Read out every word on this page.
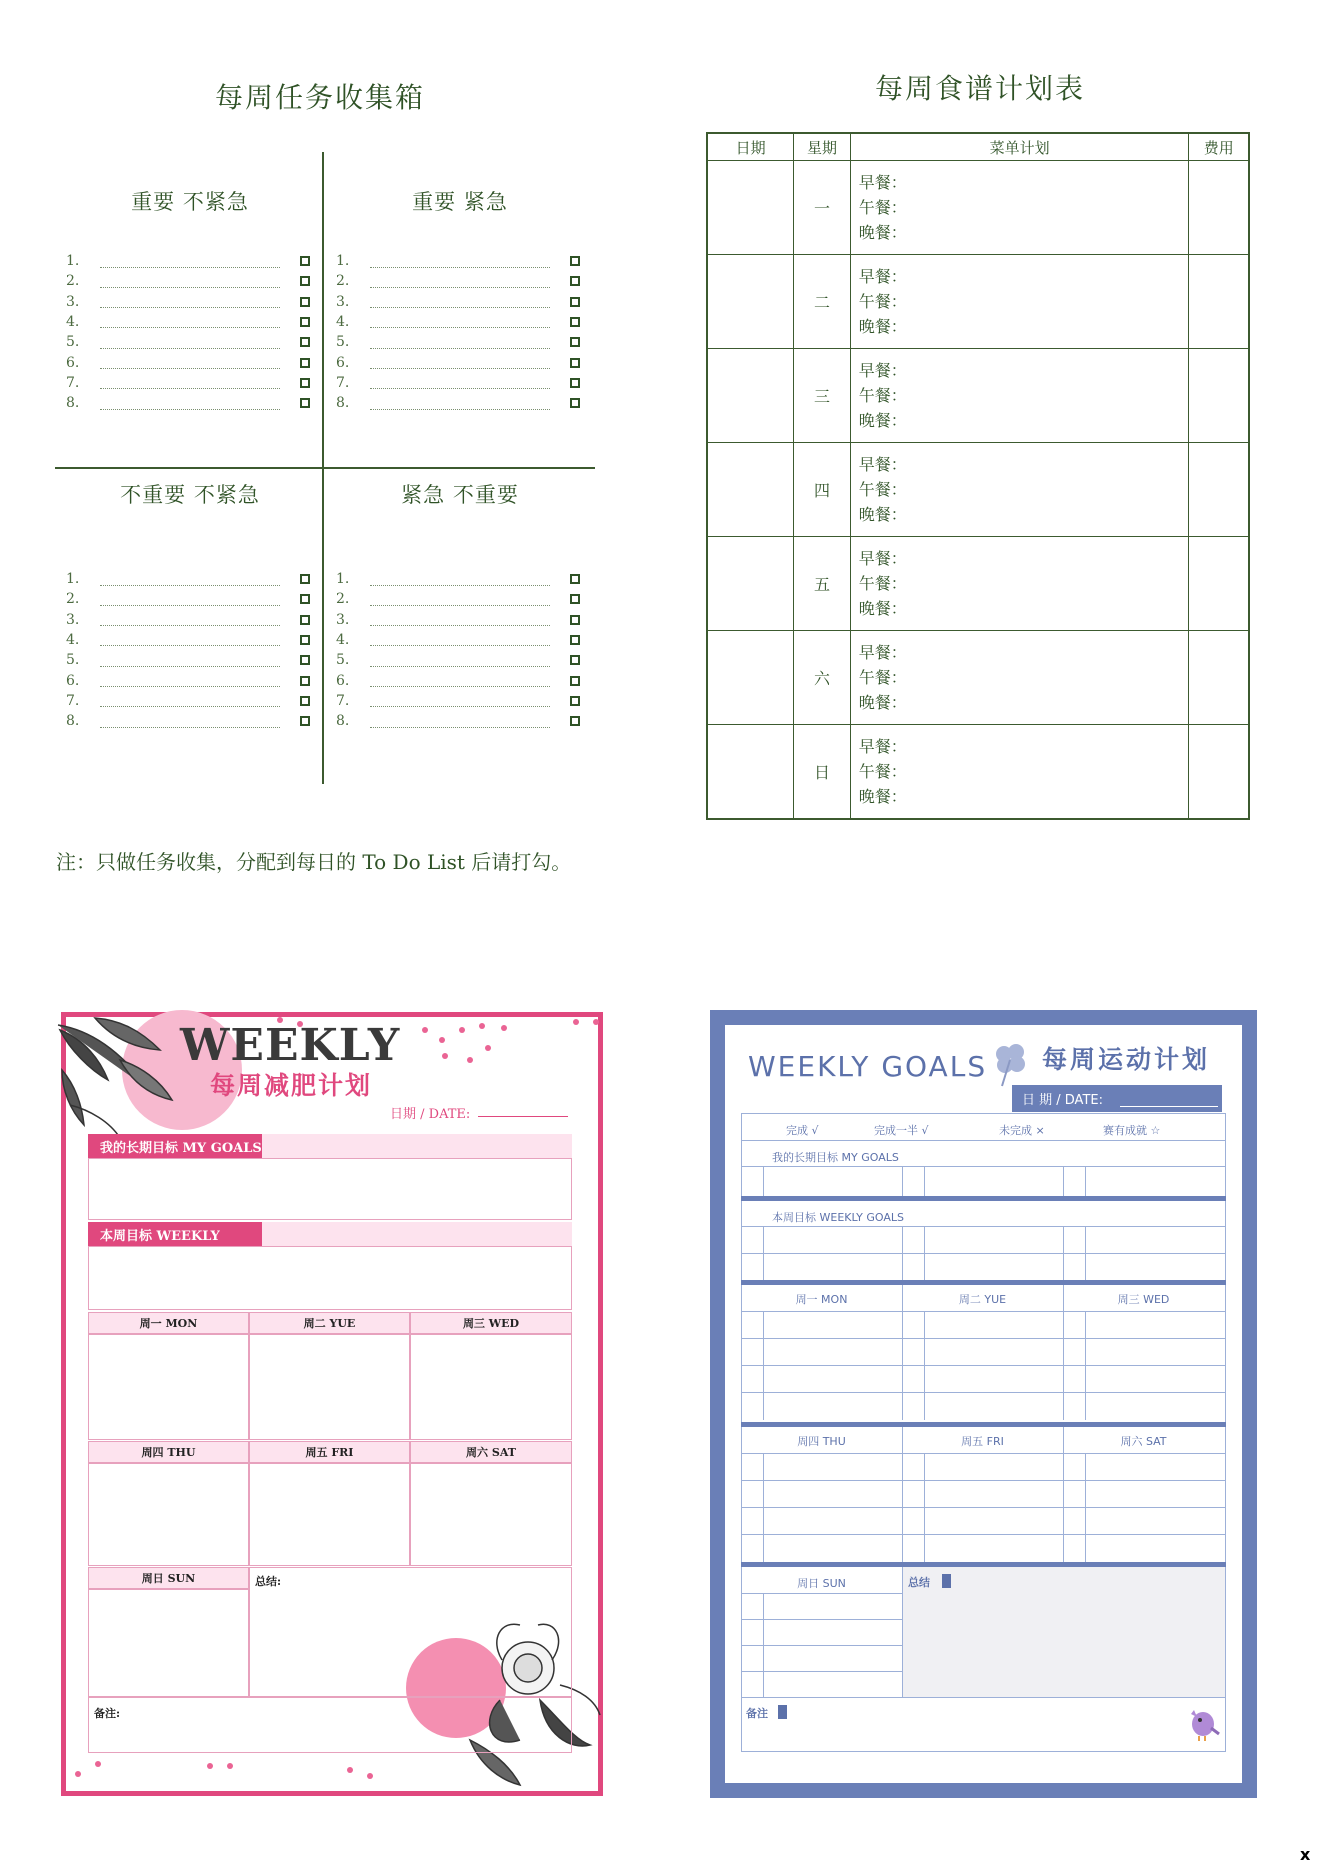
每周任务收集箱
重要 不紧急	重要 紧急
不重要 不紧急	紧急 不重要
1.
2.
3.
4.
5.
6.
7.
8.
1.
2.
3.
4.
5.
6.
7.
8.
1.
2.
3.
4.
5.
6.
7.
8.
1.
2.
3.
4.
5.
6.
7.
8.
注：只做任务收集，分配到每日的 To Do List 后请打勾。
每周食谱计划表
日期	星期	菜单计划	费用
	一	早餐：
午餐：
晚餐：	

	二	早餐：
午餐：
晚餐：	

	三	早餐：
午餐：
晚餐：	

	四	早餐：
午餐：
晚餐：	

	五	早餐：
午餐：
晚餐：	

	六	早餐：
午餐：
晚餐：	

	日	早餐：
午餐：
晚餐：	

WEEKLY
每周减肥计划
日期 / DATE:
我的长期目标 MY GOALS
本周目标 WEEKLY
周一 MON	周二 YUE	周三 WED
周四 THU	周五 FRI	周六 SAT
周日 SUN	总结:
备注:
WEEKLY GOALS 每周运动计划
日 期 / DATE:
完成 √	完成一半 √	未完成 ×	赛有成就 ☆
我的长期目标 MY GOALS
本周目标 WEEKLY GOALS
周一 MON	周二 YUE	周三 WED
周四 THU	周五 FRI	周六 SAT
周日 SUN	总结
备注
x
